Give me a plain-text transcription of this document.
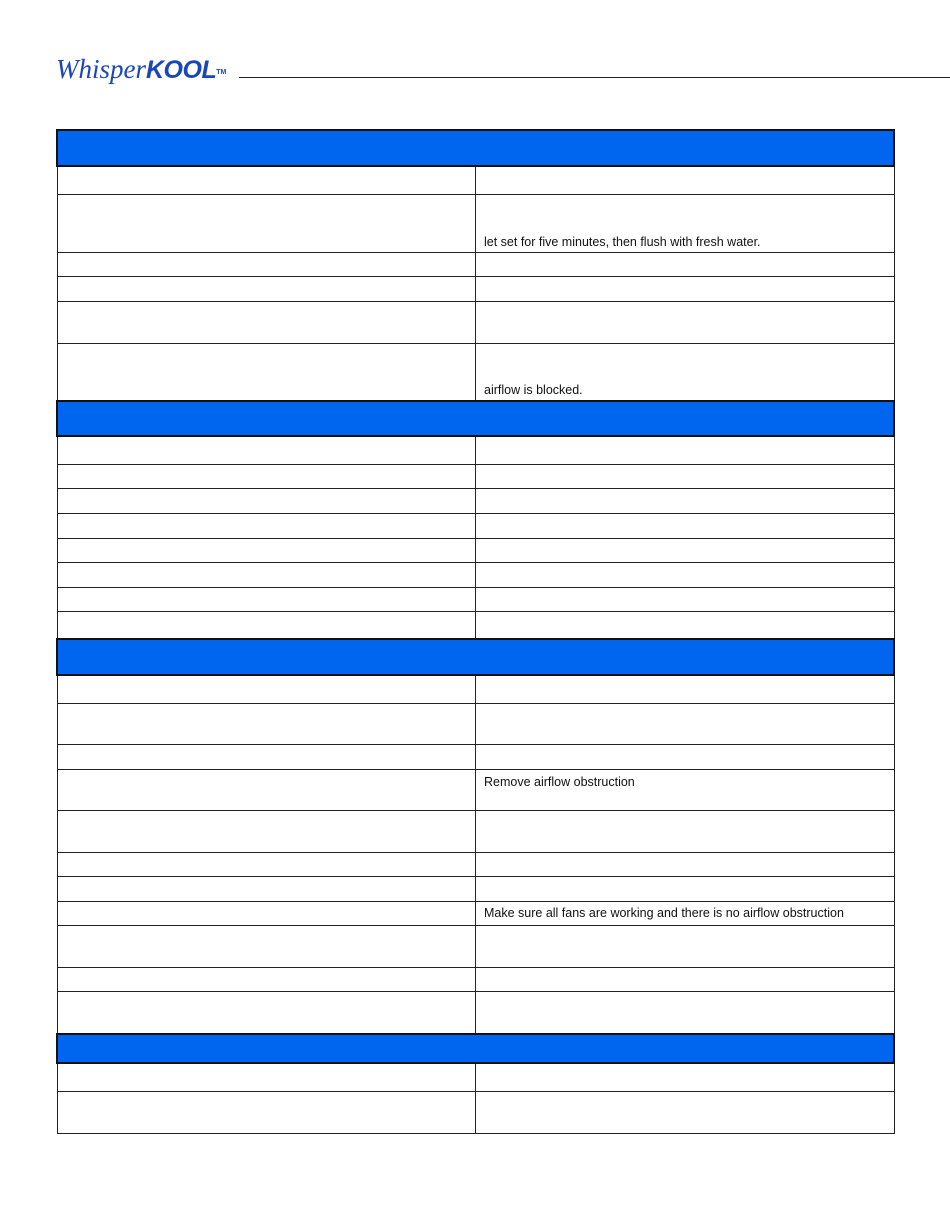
WhisperKOOL™

	let set for five minutes, then flush with fresh water.

	airflow is blocked.

	Remove airflow obstruction

	Make sure all fans are working and there is no airflow obstruction
